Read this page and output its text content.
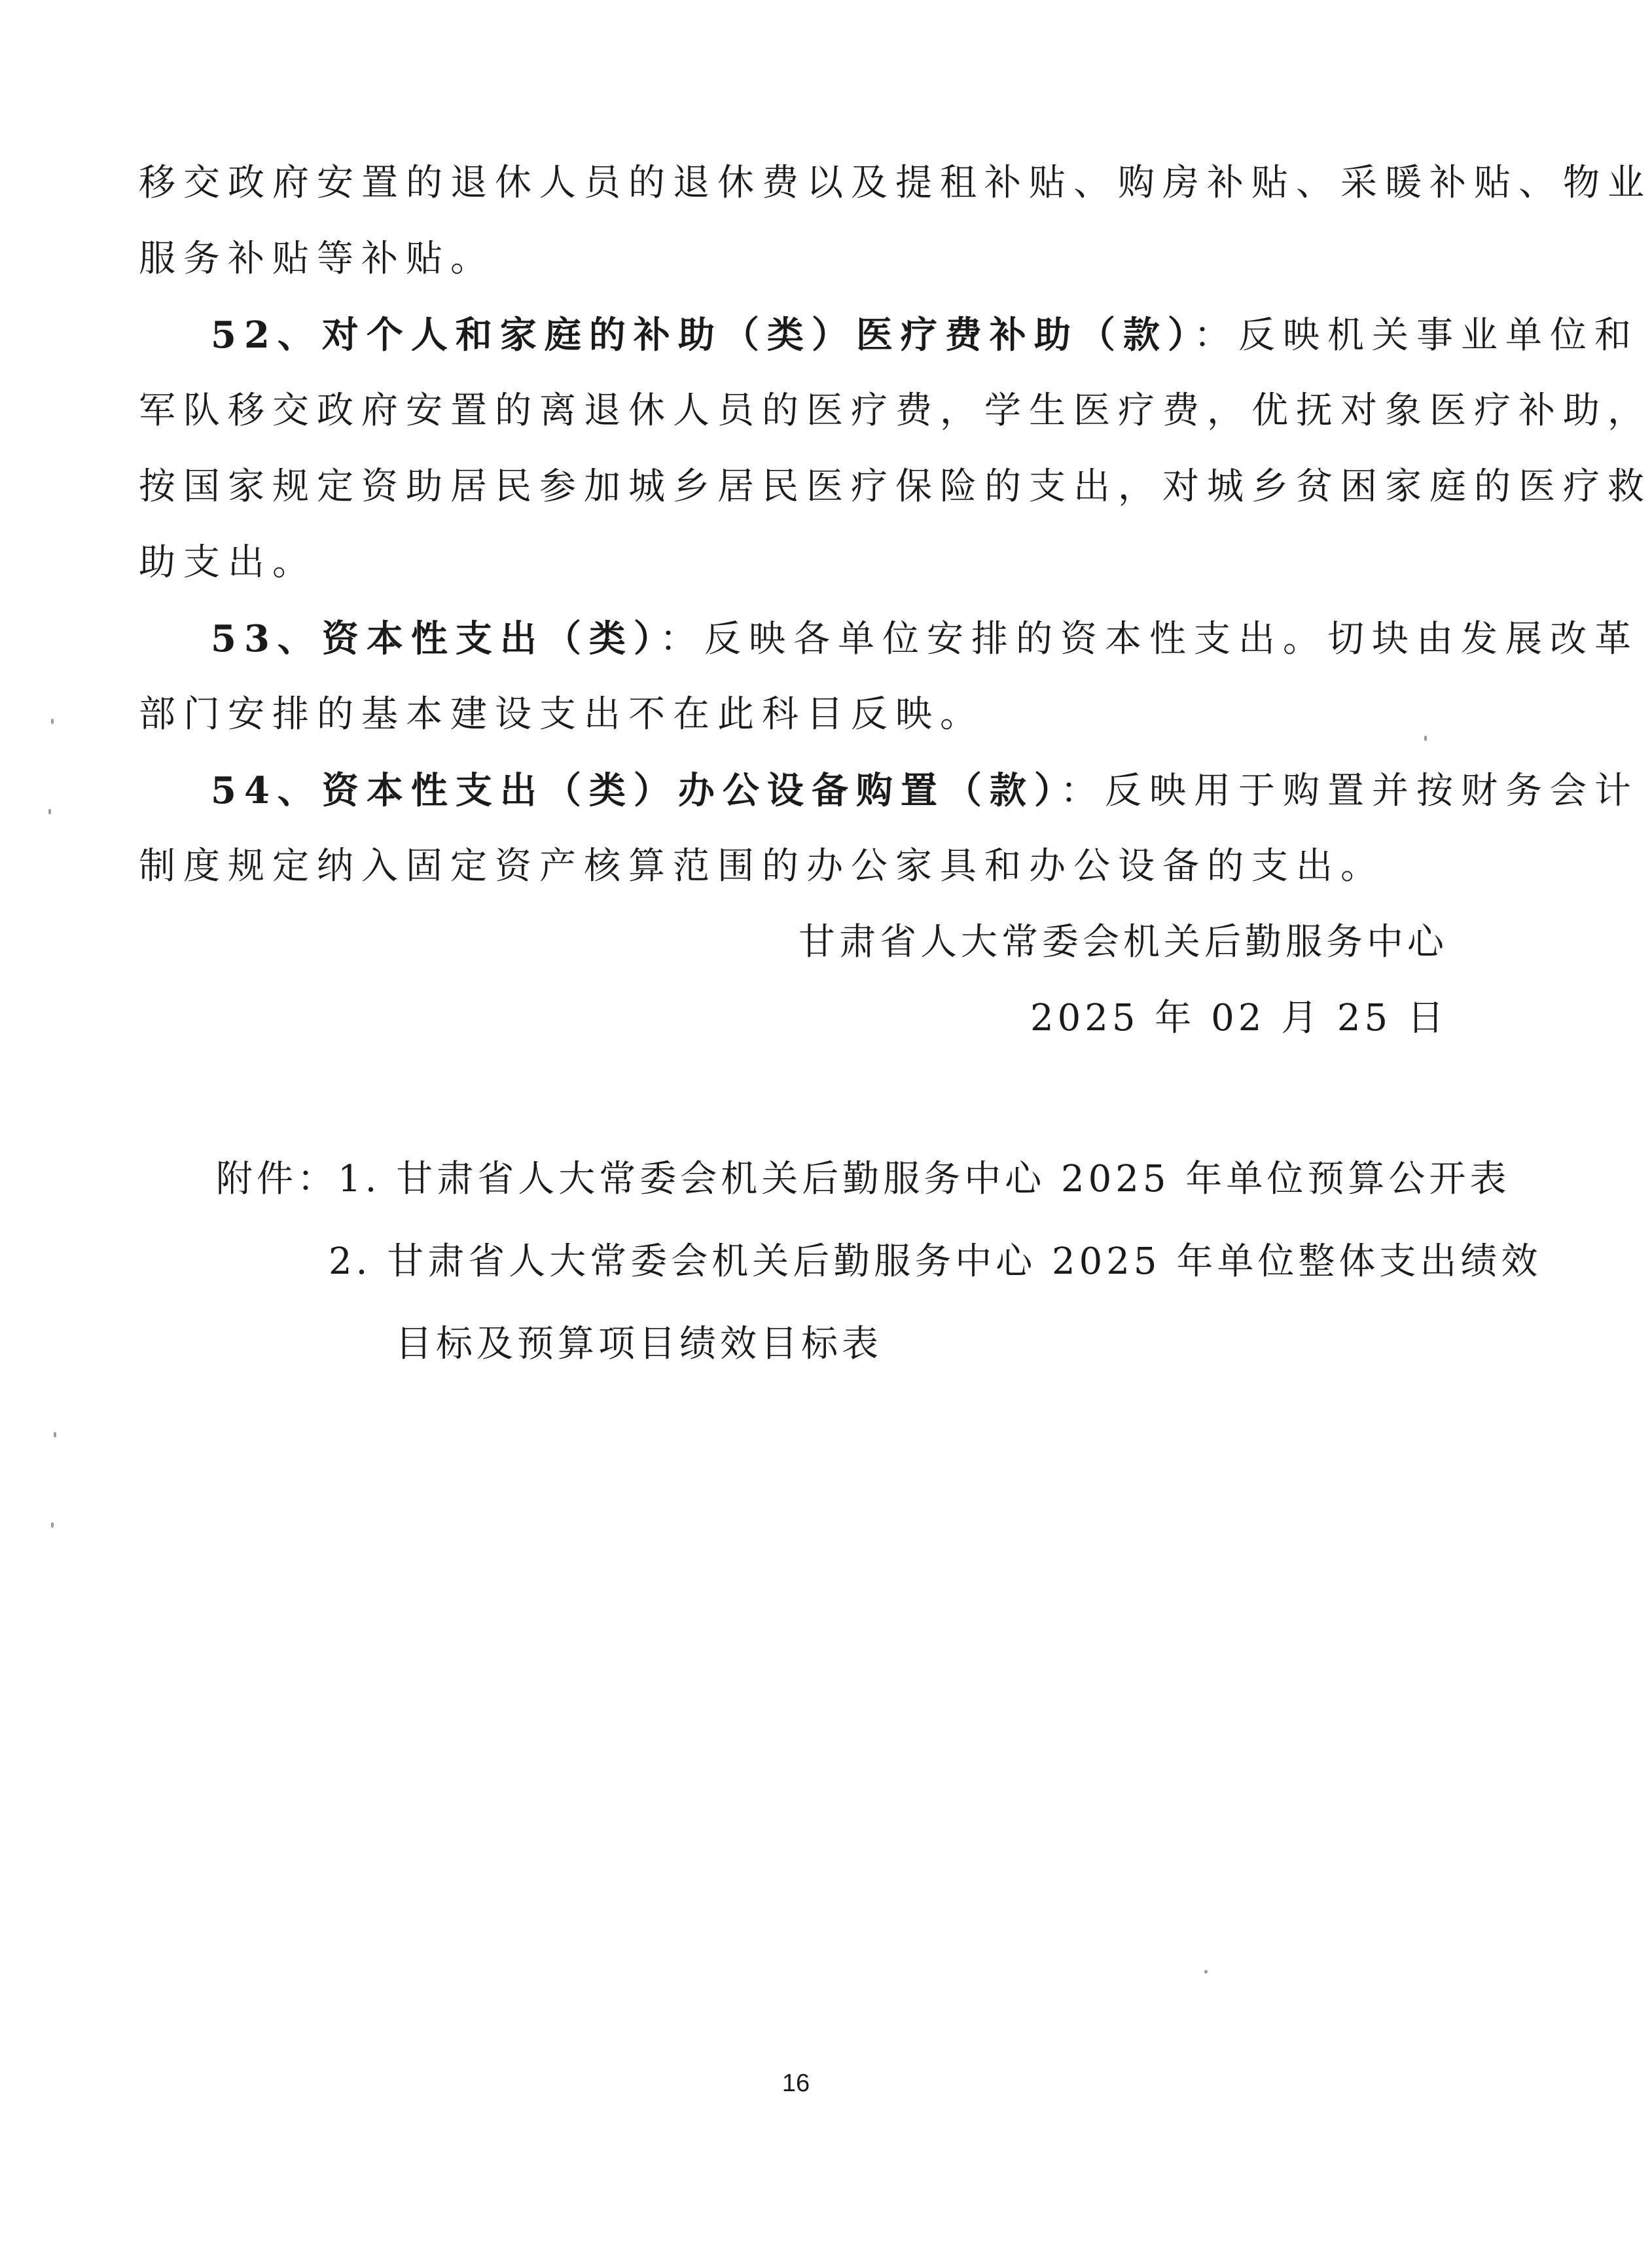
移交政府安置的退休人员的退休费以及提租补贴、购房补贴、采暖补贴、物业
服务补贴等补贴。
52、对个人和家庭的补助（类）医疗费补助（款）：反映机关事业单位和
军队移交政府安置的离退休人员的医疗费，学生医疗费，优抚对象医疗补助，
按国家规定资助居民参加城乡居民医疗保险的支出，对城乡贫困家庭的医疗救
助支出。
53、资本性支出（类）：反映各单位安排的资本性支出。切块由发展改革
部门安排的基本建设支出不在此科目反映。
54、资本性支出（类）办公设备购置（款）：反映用于购置并按财务会计
制度规定纳入固定资产核算范围的办公家具和办公设备的支出。
甘肃省人大常委会机关后勤服务中心
2025 年 02 月 25 日
附件：1. 甘肃省人大常委会机关后勤服务中心 2025 年单位预算公开表
2. 甘肃省人大常委会机关后勤服务中心 2025 年单位整体支出绩效
目标及预算项目绩效目标表
16
